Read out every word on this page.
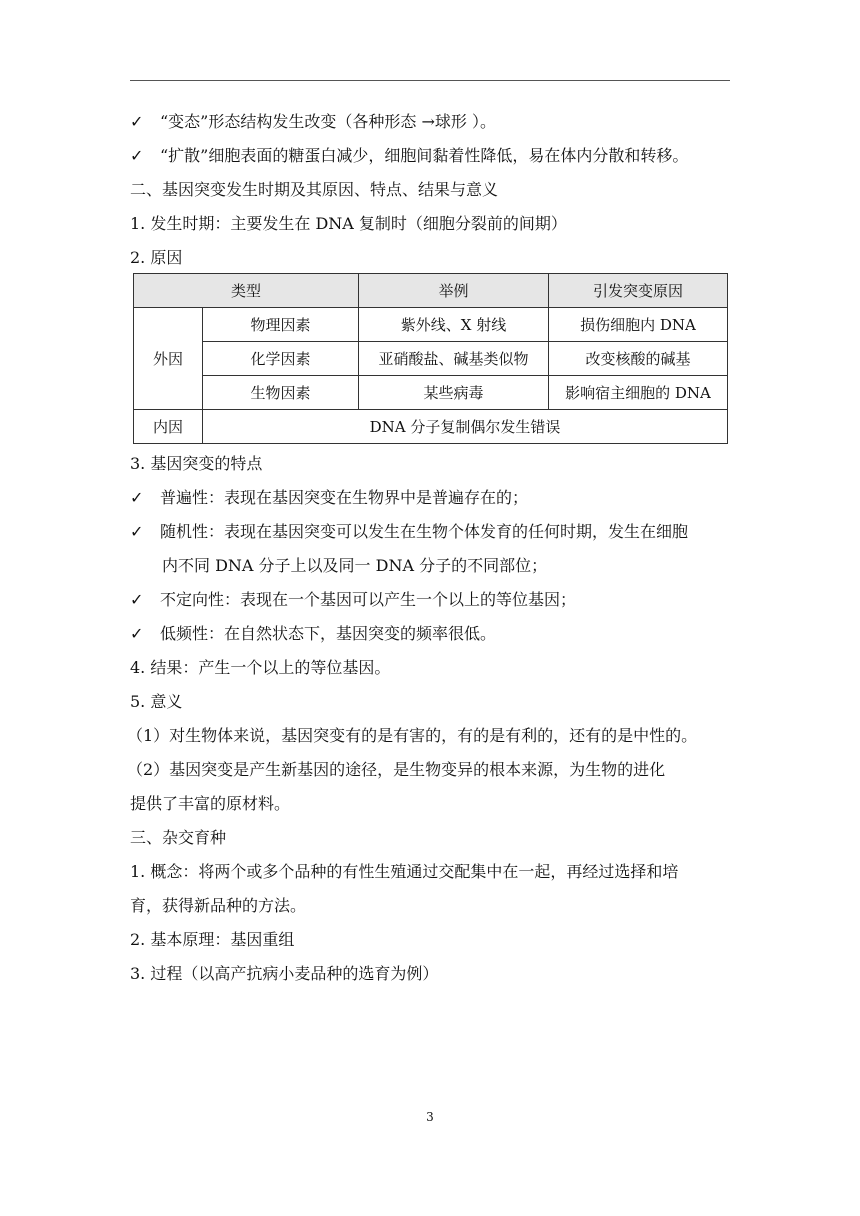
✓ “变态”形态结构发生改变（各种形态 →球形 ）。
✓ “扩散”细胞表面的糖蛋白减少，细胞间黏着性降低，易在体内分散和转移。
二、基因突变发生时期及其原因、特点、结果与意义
1. 发生时期：主要发生在 DNA 复制时（细胞分裂前的间期）
2. 原因
类型		举例	引发突变原因
外因	物理因素	紫外线、X 射线	损伤细胞内 DNA
	化学因素	亚硝酸盐、碱基类似物	改变核酸的碱基
	生物因素	某些病毒	影响宿主细胞的 DNA
内因	DNA 分子复制偶尔发生错误		
3. 基因突变的特点
✓ 普遍性：表现在基因突变在生物界中是普遍存在的；
✓ 随机性：表现在基因突变可以发生在生物个体发育的任何时期，发生在细胞
内不同 DNA 分子上以及同一 DNA 分子的不同部位；
✓ 不定向性：表现在一个基因可以产生一个以上的等位基因；
✓ 低频性：在自然状态下，基因突变的频率很低。
4. 结果：产生一个以上的等位基因。
5. 意义
（1）对生物体来说，基因突变有的是有害的，有的是有利的，还有的是中性的。
（2）基因突变是产生新基因的途径，是生物变异的根本来源，为生物的进化
提供了丰富的原材料。
三、杂交育种
1. 概念：将两个或多个品种的有性生殖通过交配集中在一起，再经过选择和培
育，获得新品种的方法。
2. 基本原理：基因重组
3. 过程（以高产抗病小麦品种的选育为例）
3
